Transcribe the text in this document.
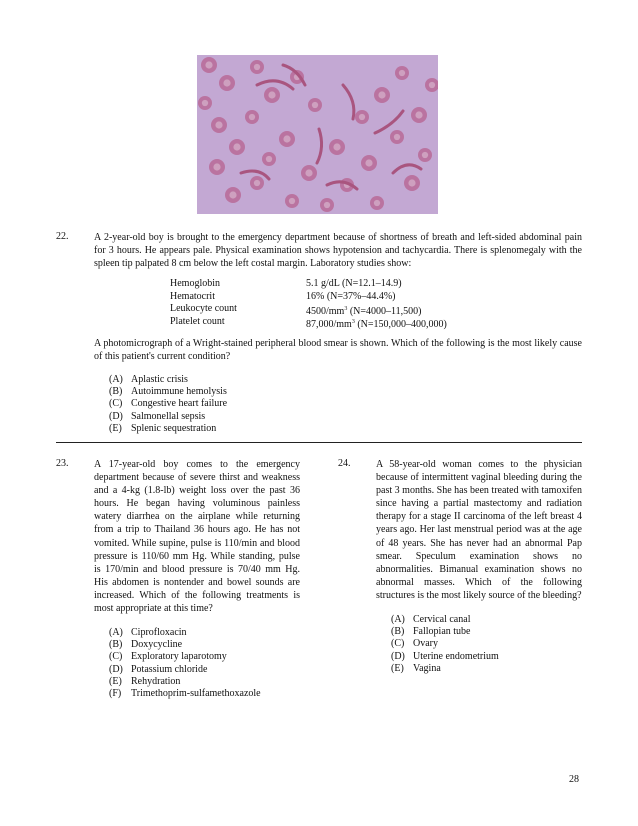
22.	A 2-year-old boy is brought to the emergency department because of shortness of breath and left-sided abdominal pain for 3 hours. He appears pale. Physical examination shows hypotension and tachycardia. There is splenomegaly with the spleen tip palpated 8 cm below the left costal margin. Laboratory studies show:
Hemoglobin	5.1 g/dL (N=12.1–14.9)
Hematocrit	16% (N=37%–44.4%)
Leukocyte count	$4500/mm^3$ (N=4000–11,500)
Platelet count	$87,000/mm^3$ (N=150,000–400,000)
A photomicrograph of a Wright-stained peripheral blood smear is shown. Which of the following is the most likely cause of this patient's current condition?
(A) Aplastic crisis
(B) Autoimmune hemolysis
(C) Congestive heart failure
(D) Salmonellal sepsis
(E) Splenic sequestration
23.	A 17-year-old boy comes to the emergency department because of severe thirst and weakness and a 4-kg (1.8-lb) weight loss over the past 36 hours. He began having voluminous painless watery diarrhea on the airplane while returning from a trip to Thailand 36 hours ago. He has not vomited. While supine, pulse is 110/min and blood pressure is 110/60 mm Hg. While standing, pulse is 170/min and blood pressure is 70/40 mm Hg. His abdomen is nontender and bowel sounds are increased. Which of the following treatments is most appropriate at this time?
(A) Ciprofloxacin
(B) Doxycycline
(C) Exploratory laparotomy
(D) Potassium chloride
(E) Rehydration
(F) Trimethoprim-sulfamethoxazole
24.	A 58-year-old woman comes to the physician because of intermittent vaginal bleeding during the past 3 months. She has been treated with tamoxifen since having a partial mastectomy and radiation therapy for a stage II carcinoma of the left breast 4 years ago. Her last menstrual period was at the age of 48 years. She has never had an abnormal Pap smear. Speculum examination shows no abnormalities. Bimanual examination shows no abnormal masses. Which of the following structures is the most likely source of the bleeding?
(A) Cervical canal
(B) Fallopian tube
(C) Ovary
(D) Uterine endometrium
(E) Vagina
28
